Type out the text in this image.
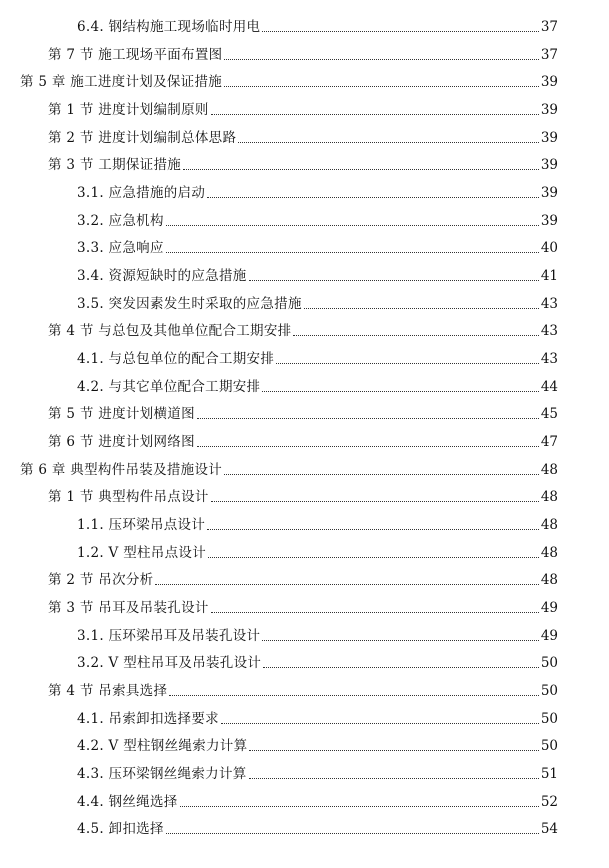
6.4. 钢结构施工现场临时用电	37
第 7 节 施工现场平面布置图	37
第 5 章 施工进度计划及保证措施	39
第 1 节 进度计划编制原则	39
第 2 节 进度计划编制总体思路	39
第 3 节 工期保证措施	39
3.1. 应急措施的启动	39
3.2. 应急机构	39
3.3. 应急响应	40
3.4. 资源短缺时的应急措施	41
3.5. 突发因素发生时采取的应急措施	43
第 4 节 与总包及其他单位配合工期安排	43
4.1. 与总包单位的配合工期安排	43
4.2. 与其它单位配合工期安排	44
第 5 节 进度计划横道图	45
第 6 节 进度计划网络图	47
第 6 章 典型构件吊装及措施设计	48
第 1 节 典型构件吊点设计	48
1.1. 压环梁吊点设计	48
1.2. V 型柱吊点设计	48
第 2 节 吊次分析	48
第 3 节 吊耳及吊装孔设计	49
3.1. 压环梁吊耳及吊装孔设计	49
3.2. V 型柱吊耳及吊装孔设计	50
第 4 节 吊索具选择	50
4.1. 吊索卸扣选择要求	50
4.2. V 型柱钢丝绳索力计算	50
4.3. 压环梁钢丝绳索力计算	51
4.4. 钢丝绳选择	52
4.5. 卸扣选择	54
